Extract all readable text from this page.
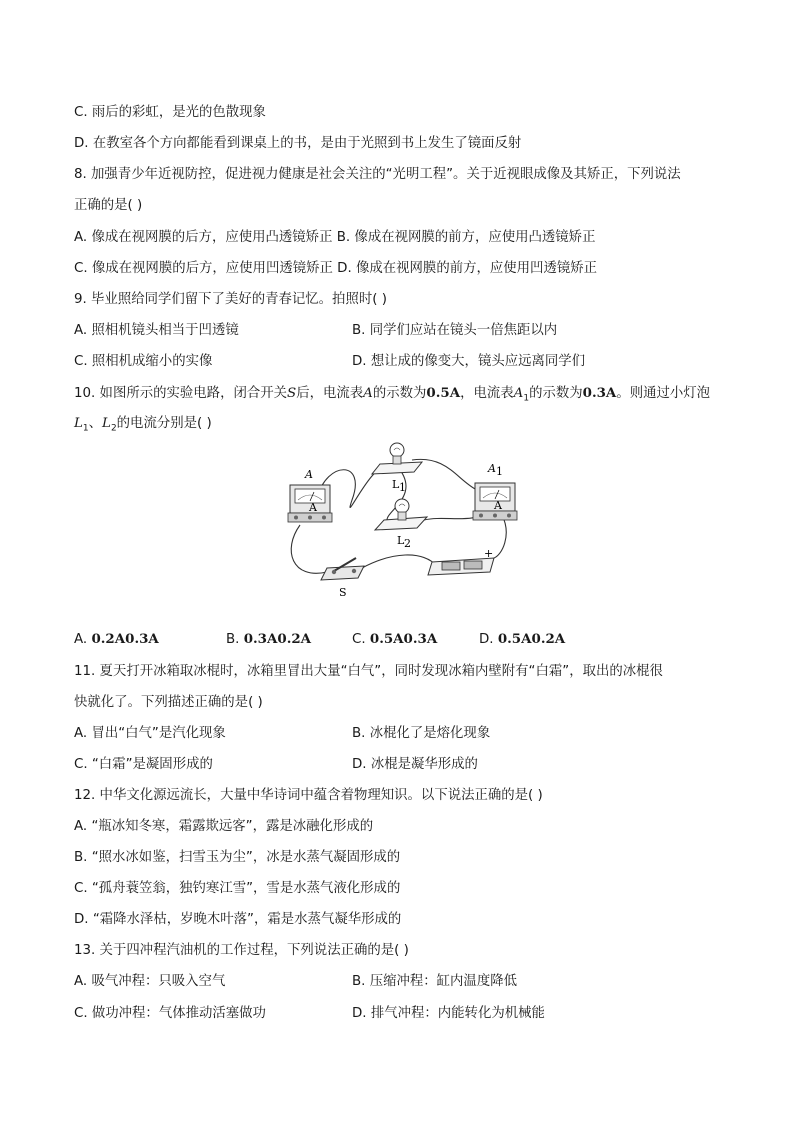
C. 雨后的彩虹，是光的色散现象
D. 在教室各个方向都能看到课桌上的书，是由于光照到书上发生了镜面反射
8. 加强青少年近视防控，促进视力健康是社会关注的“光明工程”。关于近视眼成像及其矫正，下列说法
正确的是( )
A. 像成在视网膜的后方，应使用凸透镜矫正 B. 像成在视网膜的前方，应使用凸透镜矫正
C. 像成在视网膜的后方，应使用凹透镜矫正 D. 像成在视网膜的前方，应使用凹透镜矫正
9. 毕业照给同学们留下了美好的青春记忆。拍照时( )
A. 照相机镜头相当于凹透镜	B. 同学们应站在镜头一倍焦距以内
C. 照相机成缩小的实像	D. 想让成的像变大，镜头应远离同学们
10. 如图所示的实验电路，闭合开关S后，电流表A的示数为0.5A，电流表$A_1$的示数为0.3A。则通过小灯泡
$L_1$、$L_2$的电流分别是( )
A
A
A
A 1
L 1
L 2
S
+
A. 0.2A0.3A	B. 0.3A0.2A	C. 0.5A0.3A	D. 0.5A0.2A
11. 夏天打开冰箱取冰棍时，冰箱里冒出大量“白气”，同时发现冰箱内壁附有“白霜”，取出的冰棍很
快就化了。下列描述正确的是( )
A. 冒出“白气”是汽化现象	B. 冰棍化了是熔化现象
C. “白霜”是凝固形成的	D. 冰棍是凝华形成的
12. 中华文化源远流长，大量中华诗词中蕴含着物理知识。以下说法正确的是( )
A. “瓶冰知冬寒，霜露欺远客”，露是冰融化形成的
B. “照水冰如鉴，扫雪玉为尘”，冰是水蒸气凝固形成的
C. “孤舟蓑笠翁，独钓寒江雪”，雪是水蒸气液化形成的
D. “霜降水泽枯，岁晚木叶落”，霜是水蒸气凝华形成的
13. 关于四冲程汽油机的工作过程，下列说法正确的是( )
A. 吸气冲程：只吸入空气	B. 压缩冲程：缸内温度降低
C. 做功冲程：气体推动活塞做功	D. 排气冲程：内能转化为机械能
